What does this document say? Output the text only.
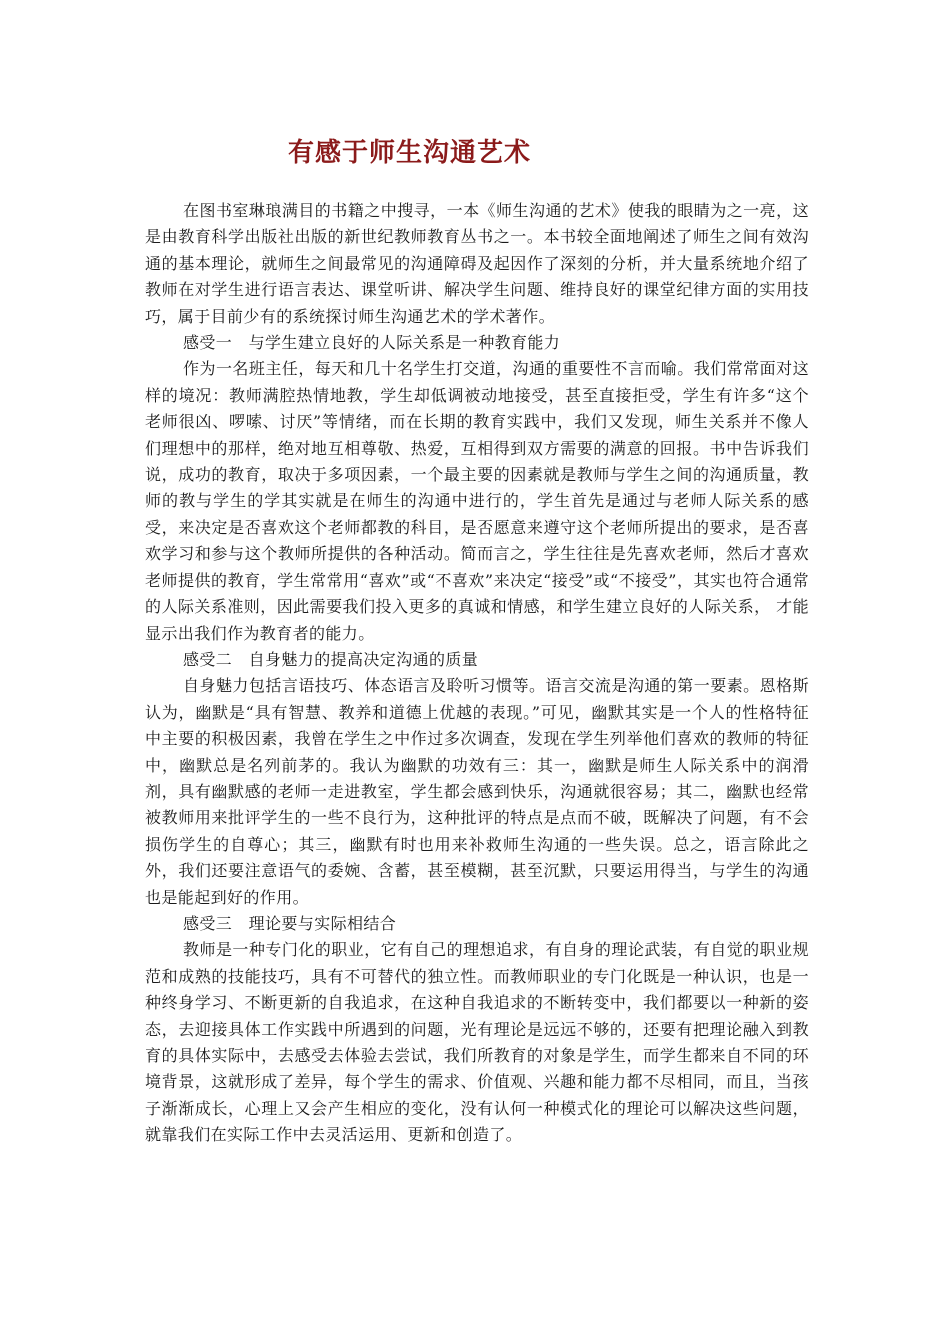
有感于师生沟通艺术

在图书室琳琅满目的书籍之中搜寻，一本《师生沟通的艺术》使我的眼睛为之一亮，这是由教育科学出版社出版的新世纪教师教育丛书之一。本书较全面地阐述了师生之间有效沟通的基本理论，就师生之间最常见的沟通障碍及起因作了深刻的分析，并大量系统地介绍了教师在对学生进行语言表达、课堂听讲、解决学生问题、维持良好的课堂纪律方面的实用技巧，属于目前少有的系统探讨师生沟通艺术的学术著作。

感受一　与学生建立良好的人际关系是一种教育能力

作为一名班主任，每天和几十名学生打交道，沟通的重要性不言而喻。我们常常面对这样的境况：教师满腔热情地教，学生却低调被动地接受，甚至直接拒受，学生有许多“这个老师很凶、啰嗦、讨厌”等情绪，而在长期的教育实践中，我们又发现，师生关系并不像人们理想中的那样，绝对地互相尊敬、热爱，互相得到双方需要的满意的回报。书中告诉我们说，成功的教育，取决于多项因素，一个最主要的因素就是教师与学生之间的沟通质量，教师的教与学生的学其实就是在师生的沟通中进行的，学生首先是通过与老师人际关系的感受，来决定是否喜欢这个老师都教的科目，是否愿意来遵守这个老师所提出的要求，是否喜欢学习和参与这个教师所提供的各种活动。简而言之，学生往往是先喜欢老师，然后才喜欢老师提供的教育，学生常常用“喜欢”或“不喜欢”来决定“接受”或“不接受”，其实也符合通常的人际关系准则，因此需要我们投入更多的真诚和情感，和学生建立良好的人际关系， 才能显示出我们作为教育者的能力。

感受二　自身魅力的提高决定沟通的质量

自身魅力包括言语技巧、体态语言及聆听习惯等。语言交流是沟通的第一要素。恩格斯认为，幽默是“具有智慧、教养和道德上优越的表现。”可见，幽默其实是一个人的性格特征中主要的积极因素，我曾在学生之中作过多次调查，发现在学生列举他们喜欢的教师的特征中，幽默总是名列前茅的。我认为幽默的功效有三：其一，幽默是师生人际关系中的润滑剂，具有幽默感的老师一走进教室，学生都会感到快乐，沟通就很容易；其二，幽默也经常被教师用来批评学生的一些不良行为，这种批评的特点是点而不破，既解决了问题，有不会损伤学生的自尊心；其三，幽默有时也用来补救师生沟通的一些失误。总之，语言除此之外，我们还要注意语气的委婉、含蓄，甚至模糊，甚至沉默，只要运用得当，与学生的沟通也是能起到好的作用。

感受三　理论要与实际相结合

教师是一种专门化的职业，它有自己的理想追求，有自身的理论武装，有自觉的职业规范和成熟的技能技巧，具有不可替代的独立性。而教师职业的专门化既是一种认识，也是一种终身学习、不断更新的自我追求，在这种自我追求的不断转变中，我们都要以一种新的姿态，去迎接具体工作实践中所遇到的问题，光有理论是远远不够的，还要有把理论融入到教育的具体实际中，去感受去体验去尝试，我们所教育的对象是学生，而学生都来自不同的环境背景，这就形成了差异，每个学生的需求、价值观、兴趣和能力都不尽相同，而且，当孩子渐渐成长，心理上又会产生相应的变化，没有认何一种模式化的理论可以解决这些问题，就靠我们在实际工作中去灵活运用、更新和创造了。
